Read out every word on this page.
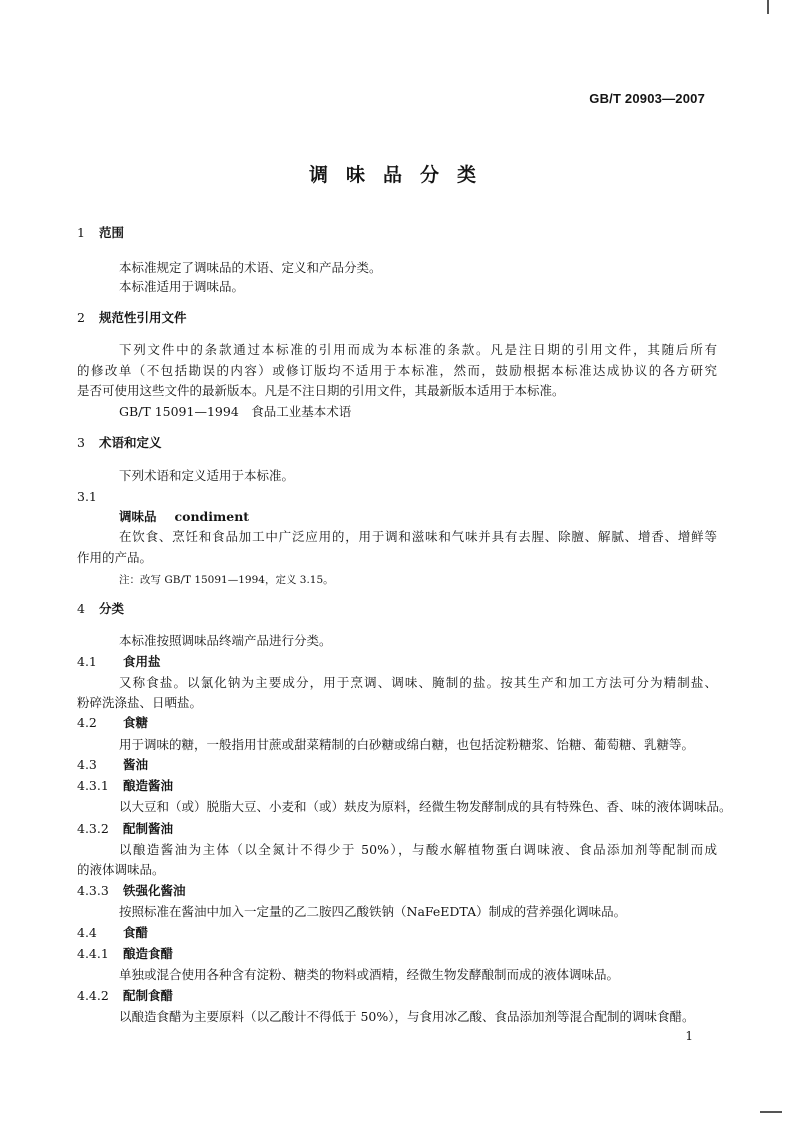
GB/T 20903—2007
调味品分类
1 范围
本标准规定了调味品的术语、定义和产品分类。
本标准适用于调味品。
2 规范性引用文件
下列文件中的条款通过本标准的引用而成为本标准的条款。凡是注日期的引用文件，其随后所有
的修改单（不包括勘误的内容）或修订版均不适用于本标准，然而，鼓励根据本标准达成协议的各方研究
是否可使用这些文件的最新版本。凡是不注日期的引用文件，其最新版本适用于本标准。
GB/T 15091—1994　食品工业基本术语
3 术语和定义
下列术语和定义适用于本标准。
3.1
调味品 condiment
在饮食、烹饪和食品加工中广泛应用的，用于调和滋味和气味并具有去腥、除膻、解腻、增香、增鲜等
作用的产品。
注：改写 GB/T 15091—1994，定义 3.15。
4 分类
本标准按照调味品终端产品进行分类。
4.1 食用盐
又称食盐。以氯化钠为主要成分，用于烹调、调味、腌制的盐。按其生产和加工方法可分为精制盐、
粉碎洗涤盐、日晒盐。
4.2 食糖
用于调味的糖，一般指用甘蔗或甜菜精制的白砂糖或绵白糖，也包括淀粉糖浆、饴糖、葡萄糖、乳糖等。
4.3 酱油
4.3.1 酿造酱油
以大豆和（或）脱脂大豆、小麦和（或）麸皮为原料，经微生物发酵制成的具有特殊色、香、味的液体调味品。
4.3.2 配制酱油
以酿造酱油为主体（以全氮计不得少于 50%），与酸水解植物蛋白调味液、食品添加剂等配制而成
的液体调味品。
4.3.3 铁强化酱油
按照标准在酱油中加入一定量的乙二胺四乙酸铁钠（NaFeEDTA）制成的营养强化调味品。
4.4 食醋
4.4.1 酿造食醋
单独或混合使用各种含有淀粉、糖类的物料或酒精，经微生物发酵酿制而成的液体调味品。
4.4.2 配制食醋
以酿造食醋为主要原料（以乙酸计不得低于 50%），与食用冰乙酸、食品添加剂等混合配制的调味食醋。
1
